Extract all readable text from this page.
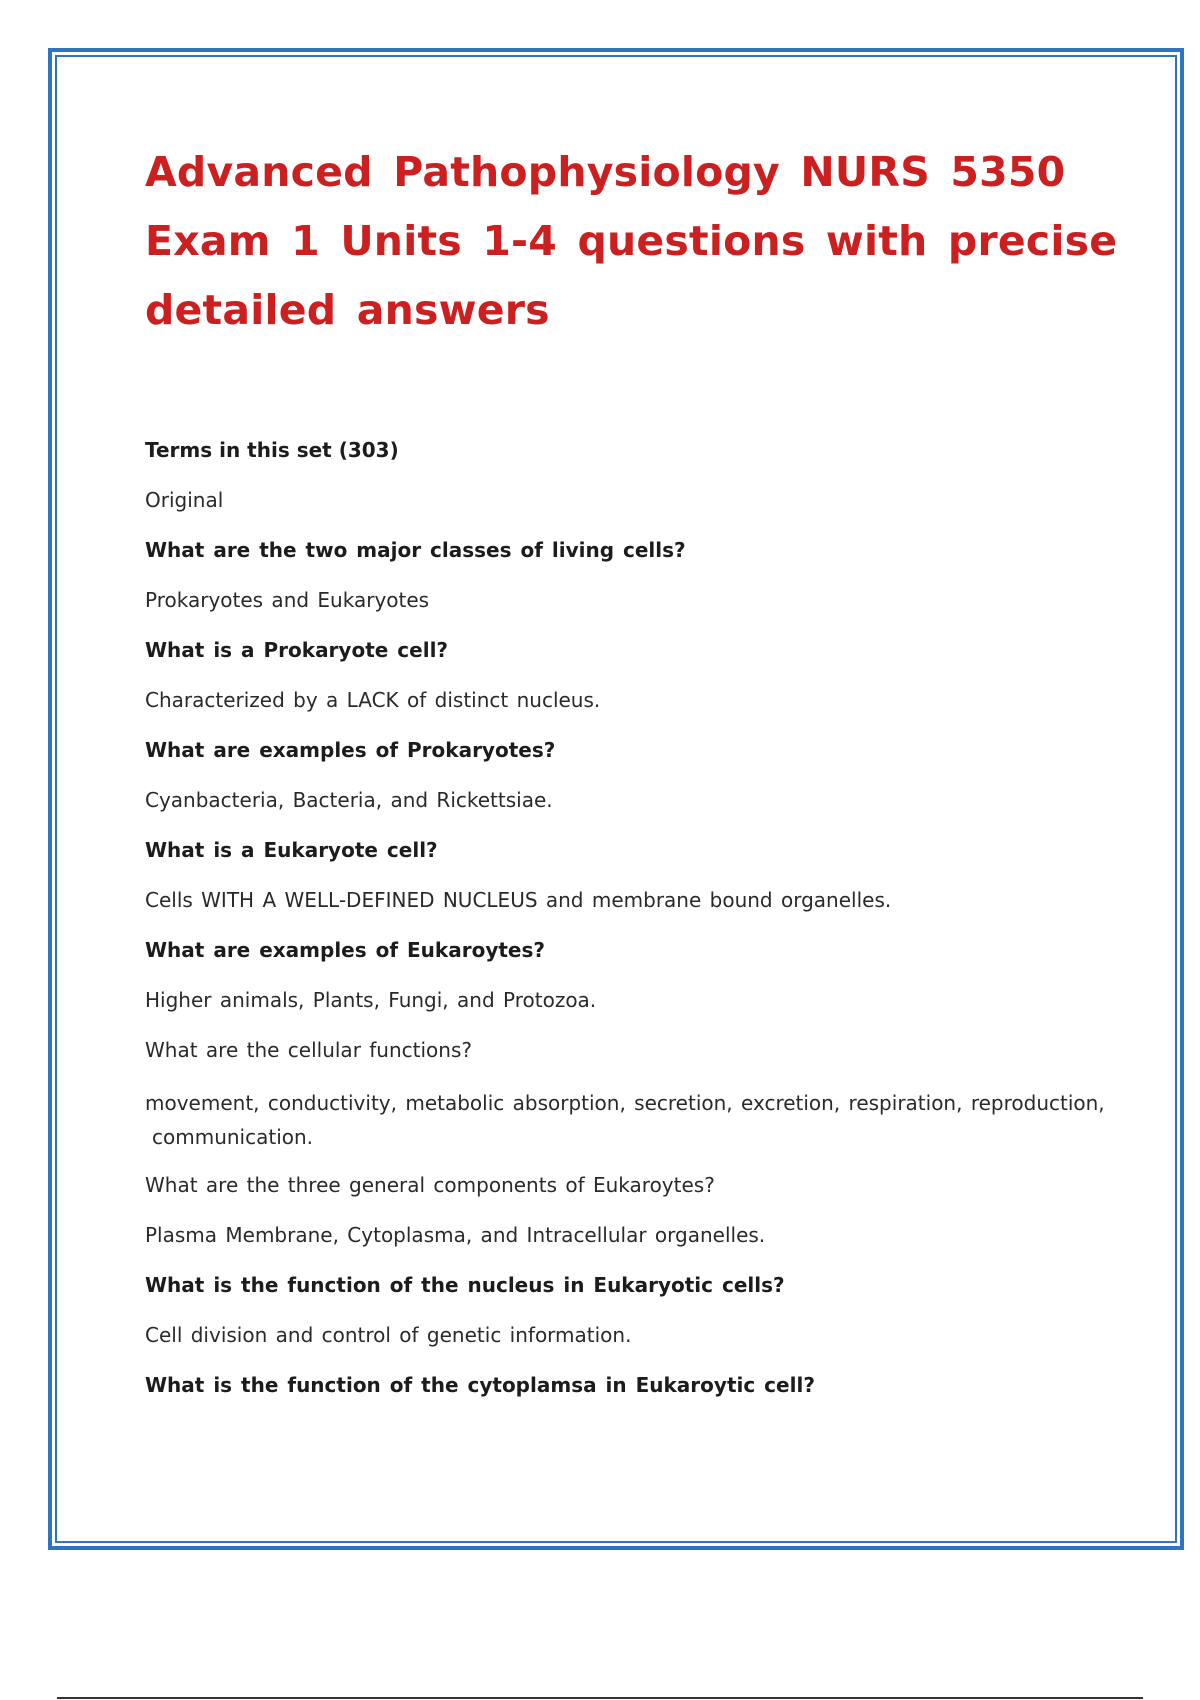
Advanced Pathophysiology NURS 5350 Exam 1 Units 1-4 questions with precise detailed answers
Terms in this set (303)
Original
What are the two major classes of living cells?
Prokaryotes and Eukaryotes
What is a Prokaryote cell?
Characterized by a LACK of distinct nucleus.
What are examples of Prokaryotes?
Cyanbacteria, Bacteria, and Rickettsiae.
What is a Eukaryote cell?
Cells WITH A WELL-DEFINED NUCLEUS and membrane bound organelles.
What are examples of Eukaroytes?
Higher animals, Plants, Fungi, and Protozoa.
What are the cellular functions?
movement, conductivity, metabolic absorption, secretion, excretion, respiration, reproduction,
communication.
What are the three general components of Eukaroytes?
Plasma Membrane, Cytoplasma, and Intracellular organelles.
What is the function of the nucleus in Eukaryotic cells?
Cell division and control of genetic information.
What is the function of the cytoplamsa in Eukaroytic cell?
